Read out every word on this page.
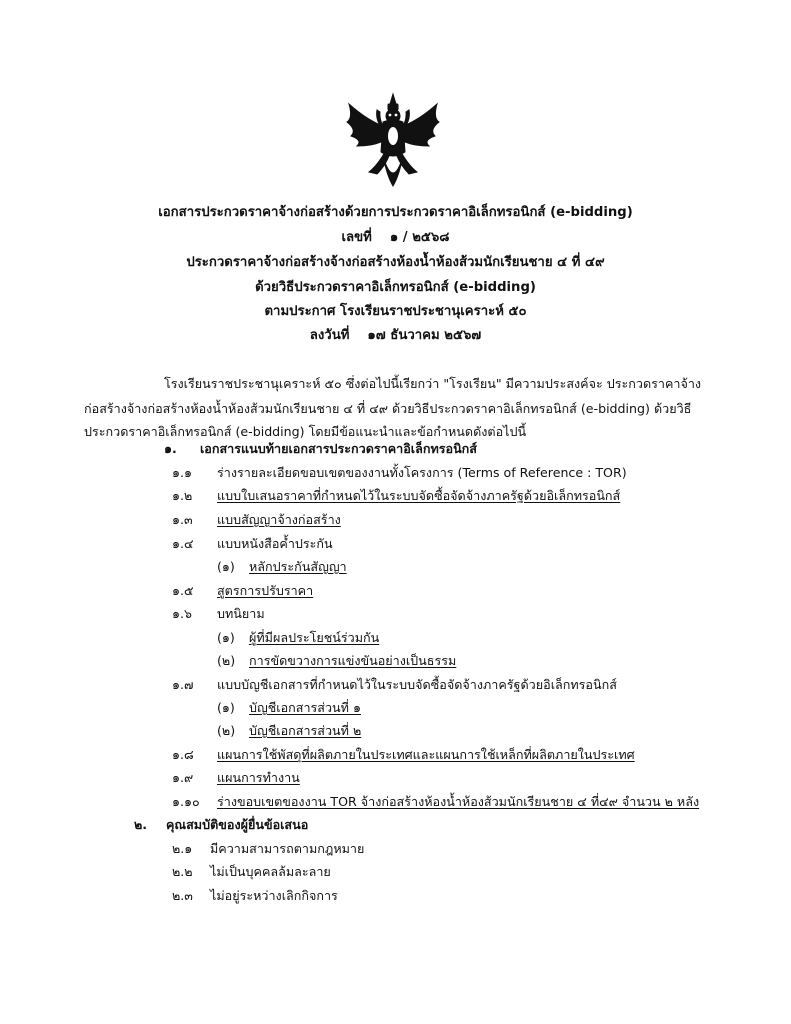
เอกสารประกวดราคาจ้างก่อสร้างด้วยการประกวดราคาอิเล็กทรอนิกส์ (e-bidding)
เลขที่ ๑ / ๒๕๖๘
ประกวดราคาจ้างก่อสร้างจ้างก่อสร้างห้องน้ำห้องส้วมนักเรียนชาย ๔ ที่ ๔๙
ด้วยวิธีประกวดราคาอิเล็กทรอนิกส์ (e-bidding)
ตามประกาศ โรงเรียนราชประชานุเคราะห์ ๕๐
ลงวันที่ ๑๗ ธันวาคม ๒๕๖๗
โรงเรียนราชประชานุเคราะห์ ๕๐ ซึ่งต่อไปนี้เรียกว่า "โรงเรียน" มีความประสงค์จะ ประกวดราคาจ้าง
ก่อสร้างจ้างก่อสร้างห้องน้ำห้องส้วมนักเรียนชาย ๔ ที่ ๔๙ ด้วยวิธีประกวดราคาอิเล็กทรอนิกส์ (e-bidding) ด้วยวิธี
ประกวดราคาอิเล็กทรอนิกส์ (e-bidding) โดยมีข้อแนะนำและข้อกำหนดดังต่อไปนี้
๑. เอกสารแนบท้ายเอกสารประกวดราคาอิเล็กทรอนิกส์
๑.๑ ร่างรายละเอียดขอบเขตของงานทั้งโครงการ (Terms of Reference : TOR)
๑.๒ แบบใบเสนอราคาที่กำหนดไว้ในระบบจัดซื้อจัดจ้างภาครัฐด้วยอิเล็กทรอนิกส์
๑.๓ แบบสัญญาจ้างก่อสร้าง
๑.๔ แบบหนังสือค้ำประกัน
(๑) หลักประกันสัญญา
๑.๕ สูตรการปรับราคา
๑.๖ บทนิยาม
(๑) ผู้ที่มีผลประโยชน์ร่วมกัน
(๒) การขัดขวางการแข่งขันอย่างเป็นธรรม
๑.๗ แบบบัญชีเอกสารที่กำหนดไว้ในระบบจัดซื้อจัดจ้างภาครัฐด้วยอิเล็กทรอนิกส์
(๑) บัญชีเอกสารส่วนที่ ๑
(๒) บัญชีเอกสารส่วนที่ ๒
๑.๘ แผนการใช้พัสดุที่ผลิตภายในประเทศและแผนการใช้เหล็กที่ผลิตภายในประเทศ
๑.๙ แผนการทำงาน
๑.๑๐ ร่างขอบเขตของงาน TOR จ้างก่อสร้างห้องน้ำห้องส้วมนักเรียนชาย ๔ ที่๔๙ จำนวน ๒ หลัง
๒. คุณสมบัติของผู้ยื่นข้อเสนอ
๒.๑ มีความสามารถตามกฎหมาย
๒.๒ ไม่เป็นบุคคลล้มละลาย
๒.๓ ไม่อยู่ระหว่างเลิกกิจการ
